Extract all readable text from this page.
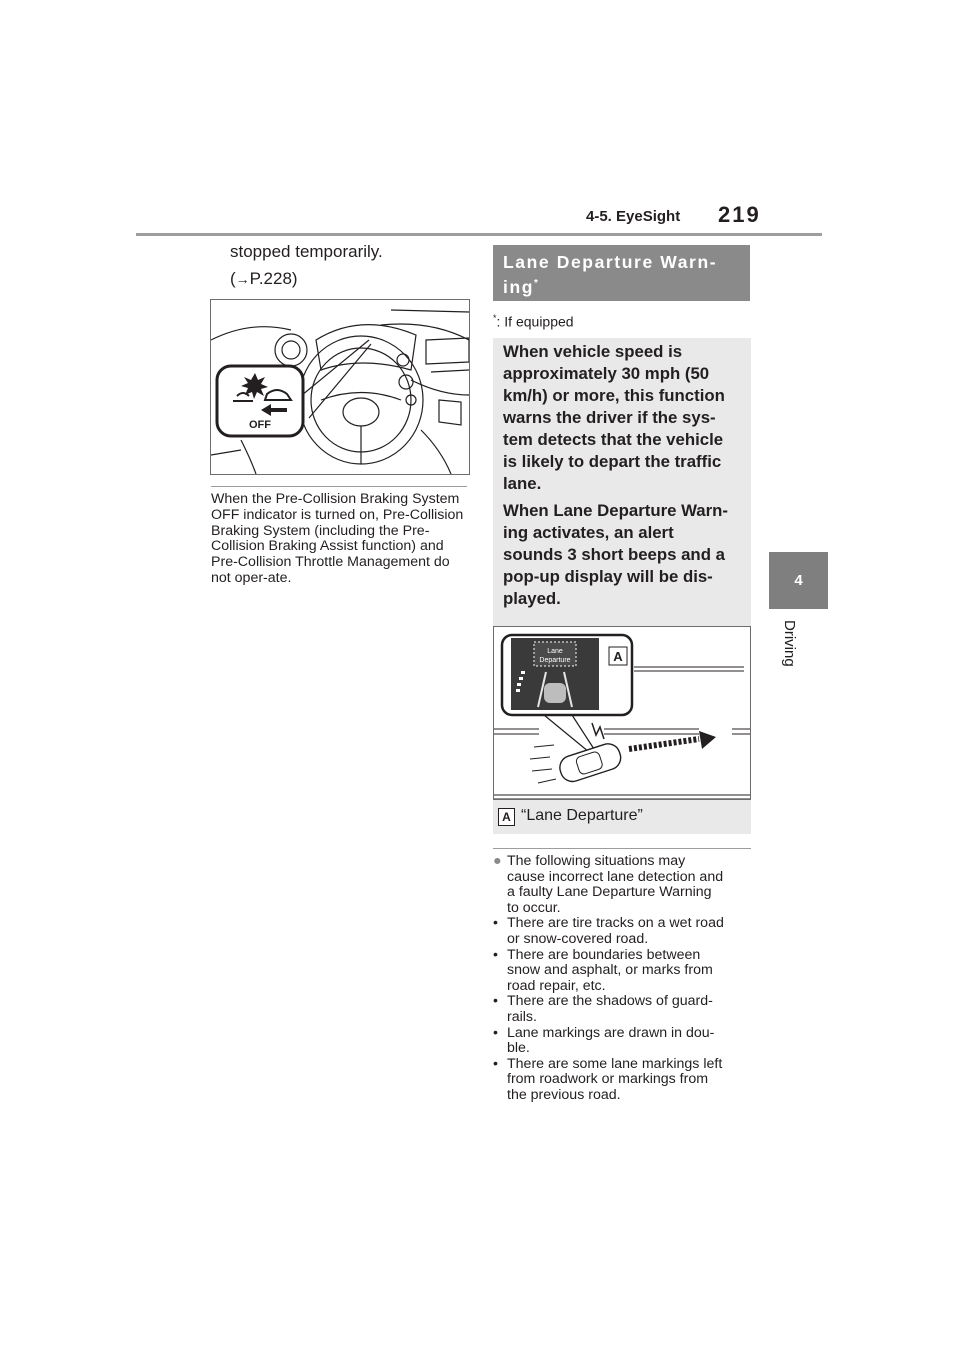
4-5. EyeSight 219
4
Driving
stopped temporarily.
(→P.228)
OFF
When the Pre-Collision Braking System OFF indicator is turned on, Pre-Collision Braking System (including the Pre-Collision Braking Assist function) and Pre-Collision Throttle Management do not oper-ate.
Lane Departure Warn-
ing*
*: If equipped
When vehicle speed is
approximately 30 mph (50
km/h) or more, this function
warns the driver if the sys-
tem detects that the vehicle
is likely to depart the traffic
lane.
When Lane Departure Warn-
ing activates, an alert
sounds 3 short beeps and a
pop-up display will be dis-
played.
Lane
Departure	A
A “Lane Departure”
● The following situations may
cause incorrect lane detection and
a faulty Lane Departure Warning
to occur.
• There are tire tracks on a wet road
or snow-covered road.
• There are boundaries between
snow and asphalt, or marks from
road repair, etc.
• There are the shadows of guard-
rails.
• Lane markings are drawn in dou-
ble.
• There are some lane markings left
from roadwork or markings from
the previous road.
